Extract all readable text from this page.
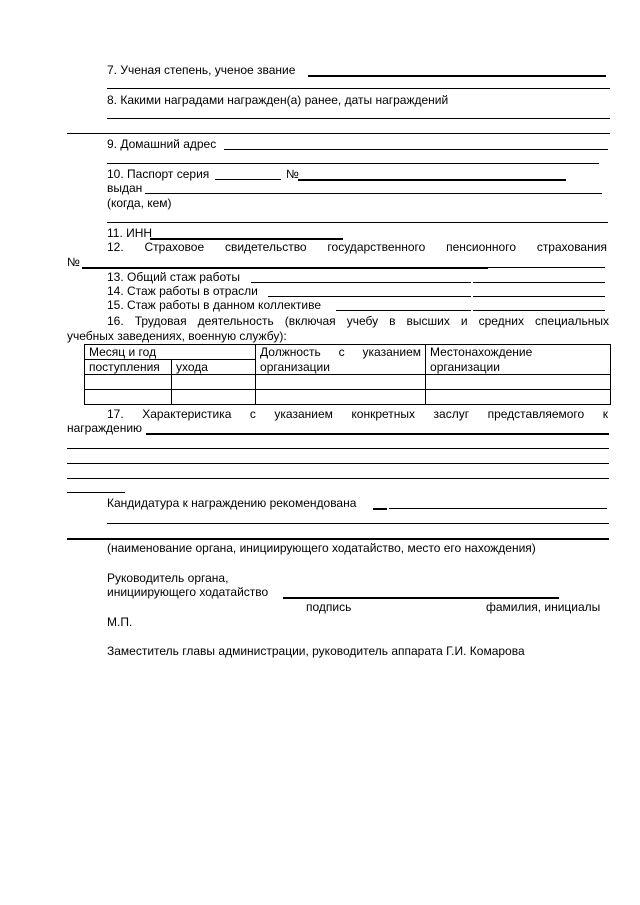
7. Ученая степень, ученое звание
8. Какими наградами награжден(а) ранее, даты награждений
9. Домашний адрес
10. Паспорт серия	№
выдан
(когда, кем)
11. ИНН
12. Страховое свидетельство государственного пенсионного страхования
№
13. Общий стаж работы
14. Стаж работы в отрасли
15. Стаж работы в данном коллективе
16. Трудовая деятельность (включая учебу в высших и средних специальных
учебных заведениях, военную службу):
Месяц и год		Должность с указанием	Местонахождение
поступления	ухода	организации	организации

17. Характеристика с указанием конкретных заслуг представляемого к
награждению
Кандидатура к награждению рекомендована
(наименование органа, инициирующего ходатайство, место его нахождения)
Руководитель органа,
инициирующего ходатайство
подпись	фамилия, инициалы
М.П.
Заместитель главы администрации, руководитель аппарата Г.И. Комарова
